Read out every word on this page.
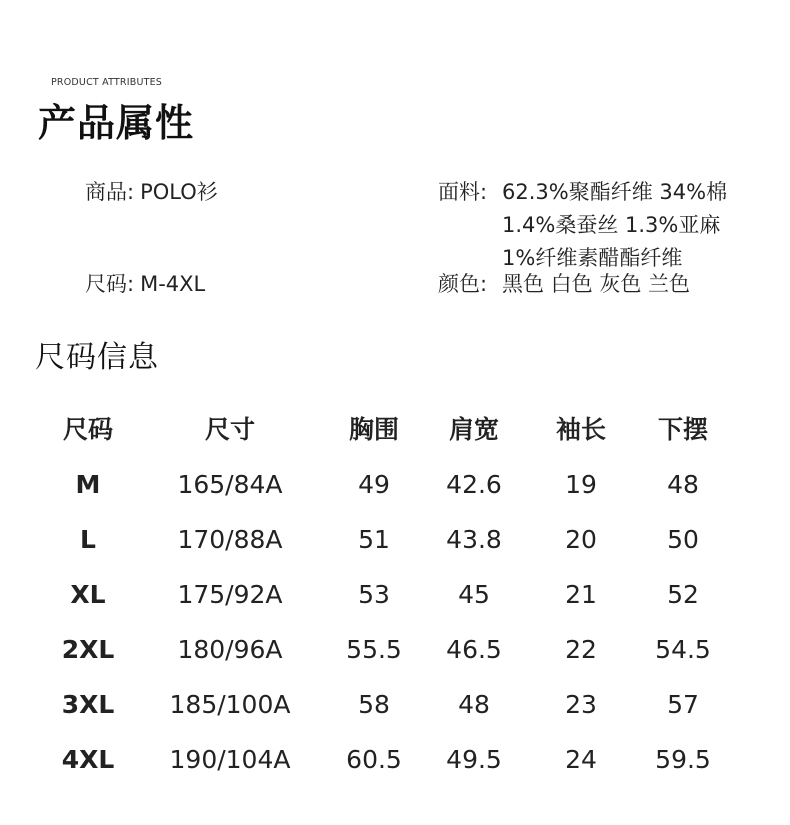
PRODUCT ATTRIBUTES
产品属性
商品: POLO衫	面料: 62.3%聚酯纤维 34%棉
1.4%桑蚕丝 1.3%亚麻
1%纤维素醋酯纤维
尺码: M-4XL	颜色: 黑色 白色 灰色 兰色
尺码信息
尺码	尺寸	胸围 肩宽 袖长 下摆
M	165/84A	49 42.6	19	48
L	170/88A	51 43.8	20	50
XL	175/92A	53	45	21	52
2XL	180/96A	55.5 46.5	22 54.5
3XL 185/100A	58	48	23	57
4XL 190/104A 60.5 49.5	24 59.5
